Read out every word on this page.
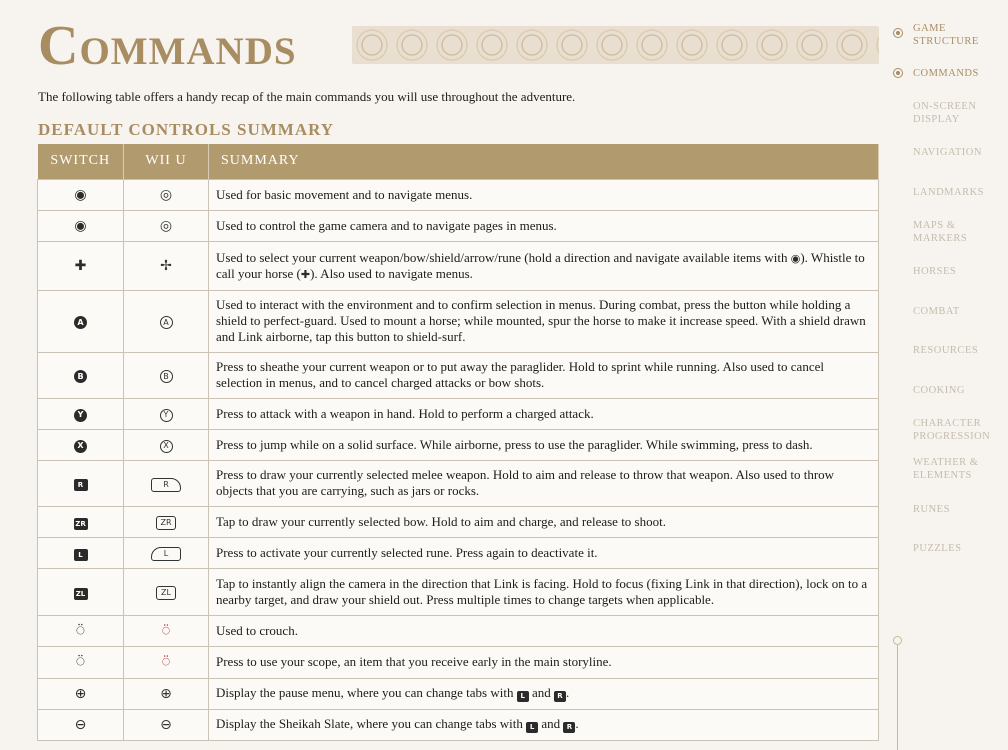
Commands
The following table offers a handy recap of the main commands you will use throughout the adventure.
DEFAULT CONTROLS SUMMARY
SWITCH	WII U	SUMMARY
◉	◎	Used for basic movement and to navigate menus.
◉	◎	Used to control the game camera and to navigate pages in menus.
✚	✢	Used to select your current weapon/bow/shield/arrow/rune (hold a direction and navigate available items with ◉). Whistle to call your horse (✚). Also used to navigate menus.
A	A	Used to interact with the environment and to confirm selection in menus. During combat, press the button while holding a shield to perfect-guard. Used to mount a horse; while mounted, spur the horse to make it increase speed. With a shield drawn and Link airborne, tap this button to shield-surf.
B	B	Press to sheathe your current weapon or to put away the paraglider. Hold to sprint while running. Also used to cancel selection in menus, and to cancel charged attacks or bow shots.
Y	Y	Press to attack with a weapon in hand. Hold to perform a charged attack.
X	X	Press to jump while on a solid surface. While airborne, press to use the paraglider. While swimming, press to dash.
R	R	Press to draw your currently selected melee weapon. Hold to aim and release to throw that weapon. Also used to throw objects that you are carrying, such as jars or rocks.
ZR	ZR	Tap to draw your currently selected bow. Hold to aim and charge, and release to shoot.
L	L	Press to activate your currently selected rune. Press again to deactivate it.
ZL	ZL	Tap to instantly align the camera in the direction that Link is facing. Hold to focus (fixing Link in that direction), lock on to a nearby target, and draw your shield out. Press multiple times to change targets when applicable.
⍥	⍥	Used to crouch.
⍥	⍥	Press to use your scope, an item that you receive early in the main storyline.
⊕	⊕	Display the pause menu, where you can change tabs with L and R .
⊖	⊖	Display the Sheikah Slate, where you can change tabs with L and R .
GAME
STRUCTURE
COMMANDS
ON-SCREEN
DISPLAY
NAVIGATION
LANDMARKS
MAPS &
MARKERS
HORSES
COMBAT
RESOURCES
COOKING
CHARACTER
PROGRESSION
WEATHER &
ELEMENTS
RUNES
PUZZLES
